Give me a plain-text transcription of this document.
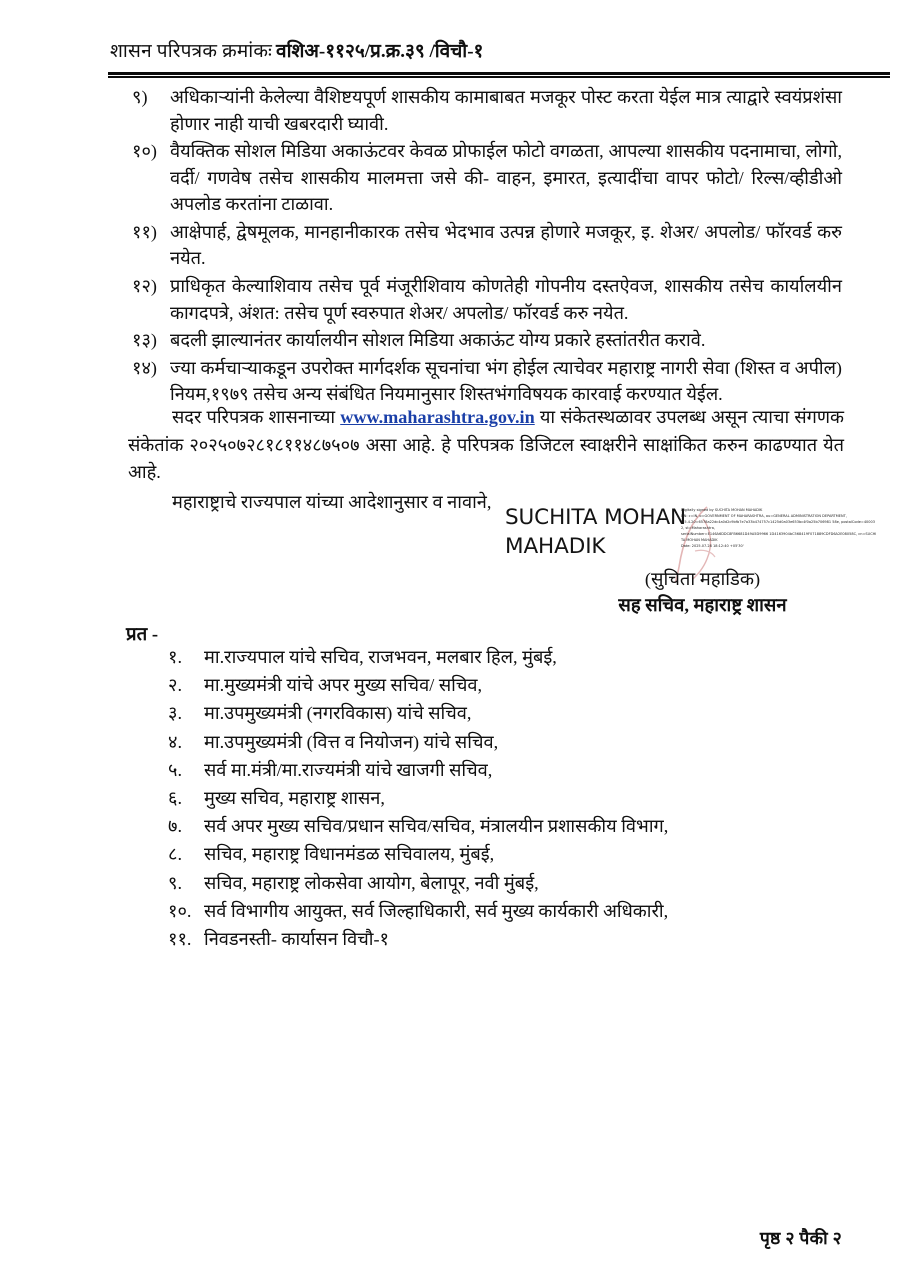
शासन परिपत्रक क्रमांकः वशिअ-११२५/प्र.क्र.३९ /विचौ-१
९)	अधिकाऱ्यांनी केलेल्या वैशिष्टयपूर्ण शासकीय कामाबाबत मजकूर पोस्ट करता येईल मात्र त्याद्वारे स्वयंप्रशंसा होणार नाही याची खबरदारी घ्यावी.
१०) वैयक्तिक सोशल मिडिया अकाऊंटवर केवळ प्रोफाईल फोटो वगळता, आपल्या शासकीय पदनामाचा, लोगो, वर्दी/ गणवेष तसेच शासकीय मालमत्ता जसे की- वाहन, इमारत, इत्यादींचा वापर फोटो/ रिल्स/व्हीडीओ अपलोड करतांना टाळावा.
११) आक्षेपार्ह, द्वेषमूलक, मानहानीकारक तसेच भेदभाव उत्पन्न होणारे मजकूर, इ. शेअर/ अपलोड/ फॉरवर्ड करु नयेत.
१२) प्राधिकृत केल्याशिवाय तसेच पूर्व मंजूरीशिवाय कोणतेही गोपनीय दस्तऐवज, शासकीय तसेच कार्यालयीन कागदपत्रे, अंशत: तसेच पूर्ण स्वरुपात शेअर/ अपलोड/ फॉरवर्ड करु नयेत.
१३) बदली झाल्यानंतर कार्यालयीन सोशल मिडिया अकाऊंट योग्य प्रकारे हस्तांतरीत करावे.
१४) ज्या कर्मचाऱ्याकडून उपरोक्त मार्गदर्शक सूचनांचा भंग होईल त्याचेवर महाराष्ट्र नागरी सेवा (शिस्त व अपील) नियम,१९७९ तसेच अन्य संबंधित नियमानुसार शिस्तभंगविषयक कारवाई करण्यात येईल.

सदर परिपत्रक शासनाच्या www.maharashtra.gov.in या संकेतस्थळावर उपलब्ध असून त्याचा संगणक संकेतांक २०२५०७२८१८११४८७५०७ असा आहे. हे परिपत्रक डिजिटल स्वाक्षरीने साक्षांकित करुन काढण्यात येत आहे.

महाराष्ट्राचे राज्यपाल यांच्या आदेशानुसार व नावाने,
SUCHITA MOHAN
MAHADIK
Digitally signed by SUCHITA MOHAN MAHADIK
DN: c=IN, o=GOVERNMENT OF MAHARASHTRA, ou=GENERAL ADMINISTRATION DEPARTMENT,
2.5.4.20=6578a22dc4a0d2c9bfb7e7a33b474757c1425d0a03e653bc4f0a25b706981 58e, postalCode=400032, st=Maharashtra,
serialNumber=E146A6DDC8FB6681D49A5D9966 1D4163904bC568419F071889CDFD6A2E08058C, cn=SUCHITA MOHAN MAHADIK
Date: 2025.07.28 18:12:40 +05'30'
(सुचिता महाडिक)
सह सचिव, महाराष्ट्र शासन
प्रत -
१.	मा.राज्यपाल यांचे सचिव, राजभवन, मलबार हिल, मुंबई,
२.	मा.मुख्यमंत्री यांचे अपर मुख्य सचिव/ सचिव,
३.	मा.उपमुख्यमंत्री (नगरविकास) यांचे सचिव,
४.	मा.उपमुख्यमंत्री (वित्त व नियोजन) यांचे सचिव,
५.	सर्व मा.मंत्री/मा.राज्यमंत्री यांचे खाजगी सचिव,
६.	मुख्य सचिव, महाराष्ट्र शासन,
७.	सर्व अपर मुख्य सचिव/प्रधान सचिव/सचिव, मंत्रालयीन प्रशासकीय विभाग,
८.	सचिव, महाराष्ट्र विधानमंडळ सचिवालय, मुंबई,
९.	सचिव, महाराष्ट्र लोकसेवा आयोग, बेलापूर, नवी मुंबई,
१०. सर्व विभागीय आयुक्त, सर्व जिल्हाधिकारी, सर्व मुख्य कार्यकारी अधिकारी,
११. निवडनस्ती- कार्यासन विचौ-१
पृष्ठ २ पैकी २
